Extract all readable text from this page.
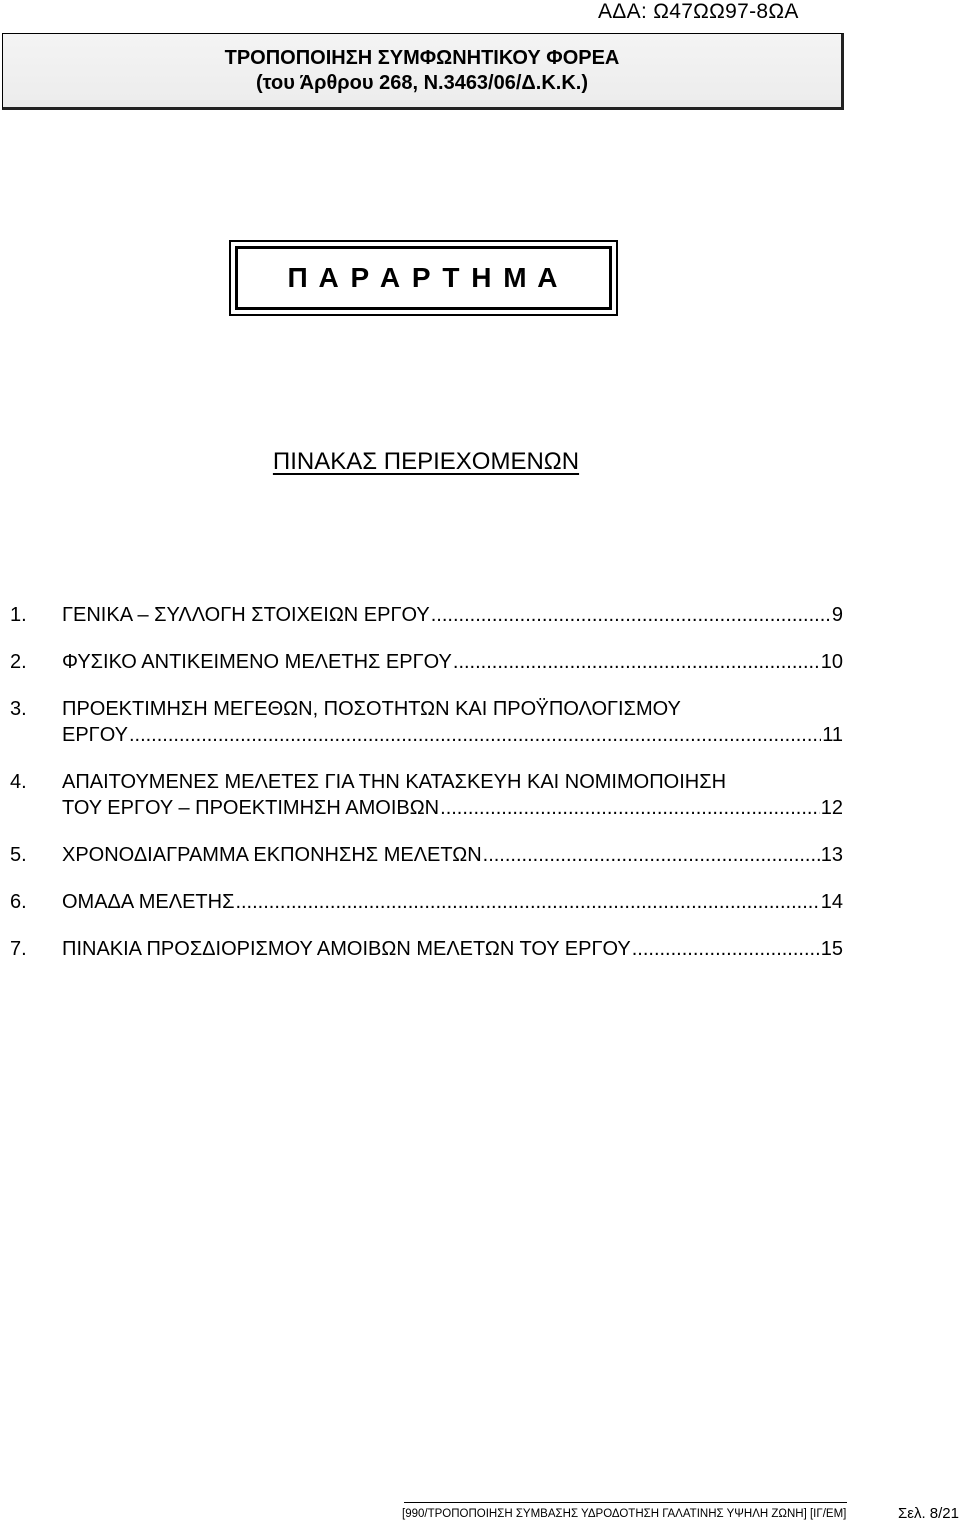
ΑΔΑ: Ω47ΩΩ97-8ΩΑ
ΤΡΟΠΟΠΟΙΗΣΗ ΣΥΜΦΩΝΗΤΙΚΟΥ ΦΟΡΕΑ
(του Άρθρου 268, Ν.3463/06/Δ.Κ.Κ.)
Π Α Ρ Α Ρ Τ Η Μ Α
ΠΙΝΑΚΑΣ ΠΕΡΙΕΧΟΜΕΝΩΝ
1.	ΓΕΝΙΚΑ – ΣΥΛΛΟΓΗ ΣΤΟΙΧΕΙΩΝ ΕΡΓΟΥ .....	9
2.	ΦΥΣΙΚΟ ΑΝΤΙΚΕΙΜΕΝΟ ΜΕΛΕΤΗΣ ΕΡΓΟΥ .....	10
3.	ΠΡΟΕΚΤΙΜΗΣΗ ΜΕΓΕΘΩΝ, ΠΟΣΟΤΗΤΩΝ ΚΑΙ ΠΡΟΫΠΟΛΟΓΙΣΜΟΥ
ΕΡΓΟΥ .....	11
4.	ΑΠΑΙΤΟΥΜΕΝΕΣ ΜΕΛΕΤΕΣ ΓΙΑ ΤΗΝ ΚΑΤΑΣΚΕΥΗ ΚΑΙ ΝΟΜΙΜΟΠΟΙΗΣΗ
ΤΟΥ ΕΡΓΟΥ – ΠΡΟΕΚΤΙΜΗΣΗ ΑΜΟΙΒΩΝ .....	12
5.	ΧΡΟΝΟΔΙΑΓΡΑΜΜΑ ΕΚΠΟΝΗΣΗΣ ΜΕΛΕΤΩΝ .....	13
6.	ΟΜΑΔΑ ΜΕΛΕΤΗΣ .....	14
7.	ΠΙΝΑΚΙΑ ΠΡΟΣΔΙΟΡΙΣΜΟΥ ΑΜΟΙΒΩΝ ΜΕΛΕΤΩΝ ΤΟΥ ΕΡΓΟΥ .....	15
[990/ΤΡΟΠΟΠΟΙΗΣΗ ΣΥΜΒΑΣΗΣ ΥΔΡΟΔΟΤΗΣΗ ΓΑΛΑΤΙΝΗΣ ΥΨΗΛΗ ΖΩΝΗ] [ΙΓ/ΕΜ]	Σελ. 8/21
